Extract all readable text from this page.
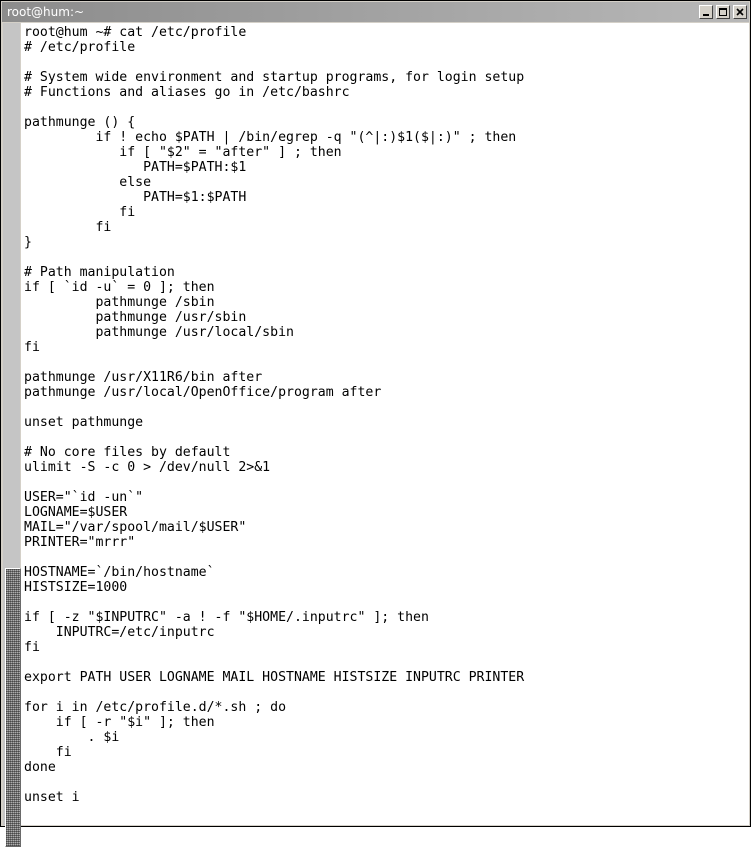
root@hum:~
root@hum ~# cat /etc/profile
# /etc/profile

# System wide environment and startup programs, for login setup
# Functions and aliases go in /etc/bashrc

pathmunge () {
if ! echo $PATH | /bin/egrep -q "(^|:)$1($|:)" ; then
if [ "$2" = "after" ] ; then
PATH=$PATH:$1
else
PATH=$1:$PATH
fi
fi
}

# Path manipulation
if [ `id -u` = 0 ]; then
pathmunge /sbin
pathmunge /usr/sbin
pathmunge /usr/local/sbin
fi

pathmunge /usr/X11R6/bin after
pathmunge /usr/local/OpenOffice/program after

unset pathmunge

# No core files by default
ulimit -S -c 0 > /dev/null 2>&1

USER="`id -un`"
LOGNAME=$USER
MAIL="/var/spool/mail/$USER"
PRINTER="mrrr"

HOSTNAME=`/bin/hostname`
HISTSIZE=1000

if [ -z "$INPUTRC" -a ! -f "$HOME/.inputrc" ]; then
INPUTRC=/etc/inputrc
fi

export PATH USER LOGNAME MAIL HOSTNAME HISTSIZE INPUTRC PRINTER

for i in /etc/profile.d/*.sh ; do
if [ -r "$i" ]; then
. $i
fi
done

unset i
